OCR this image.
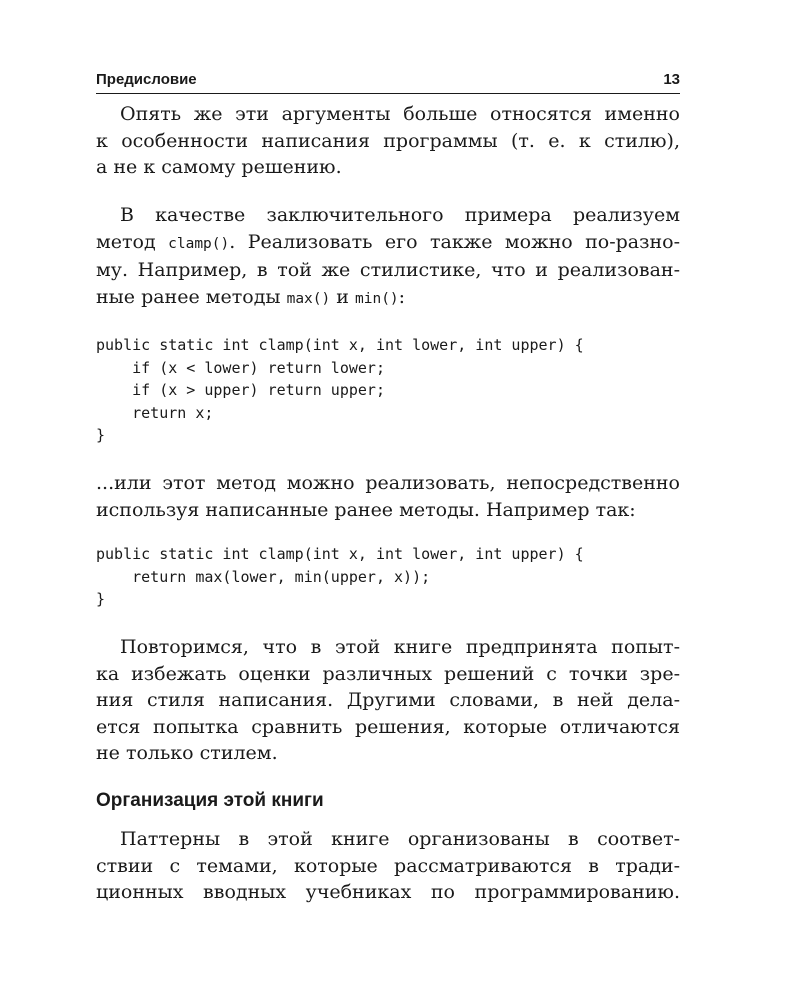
Предисловие	13

Опять же эти аргументы больше относятся именно
к особенности написания программы (т. е. к стилю),
а не к самому решению.

В качестве заключительного примера реализуем
метод clamp(). Реализовать его также можно по-разно-
му. Например, в той же стилистике, что и реализован-
ные ранее методы max() и min():

public static int clamp(int x, int lower, int upper) {
if (x < lower) return lower;
if (x > upper) return upper;
return x;
}

...или этот метод можно реализовать, непосредственно
используя написанные ранее методы. Например так:

public static int clamp(int x, int lower, int upper) {
return max(lower, min(upper, x));
}

Повторимся, что в этой книге предпринята попыт-
ка избежать оценки различных решений с точки зре-
ния стиля написания. Другими словами, в ней дела-
ется попытка сравнить решения, которые отличаются
не только стилем.

Организация этой книги

Паттерны в этой книге организованы в соответ-
ствии с темами, которые рассматриваются в тради-
ционных вводных учебниках по программированию.
